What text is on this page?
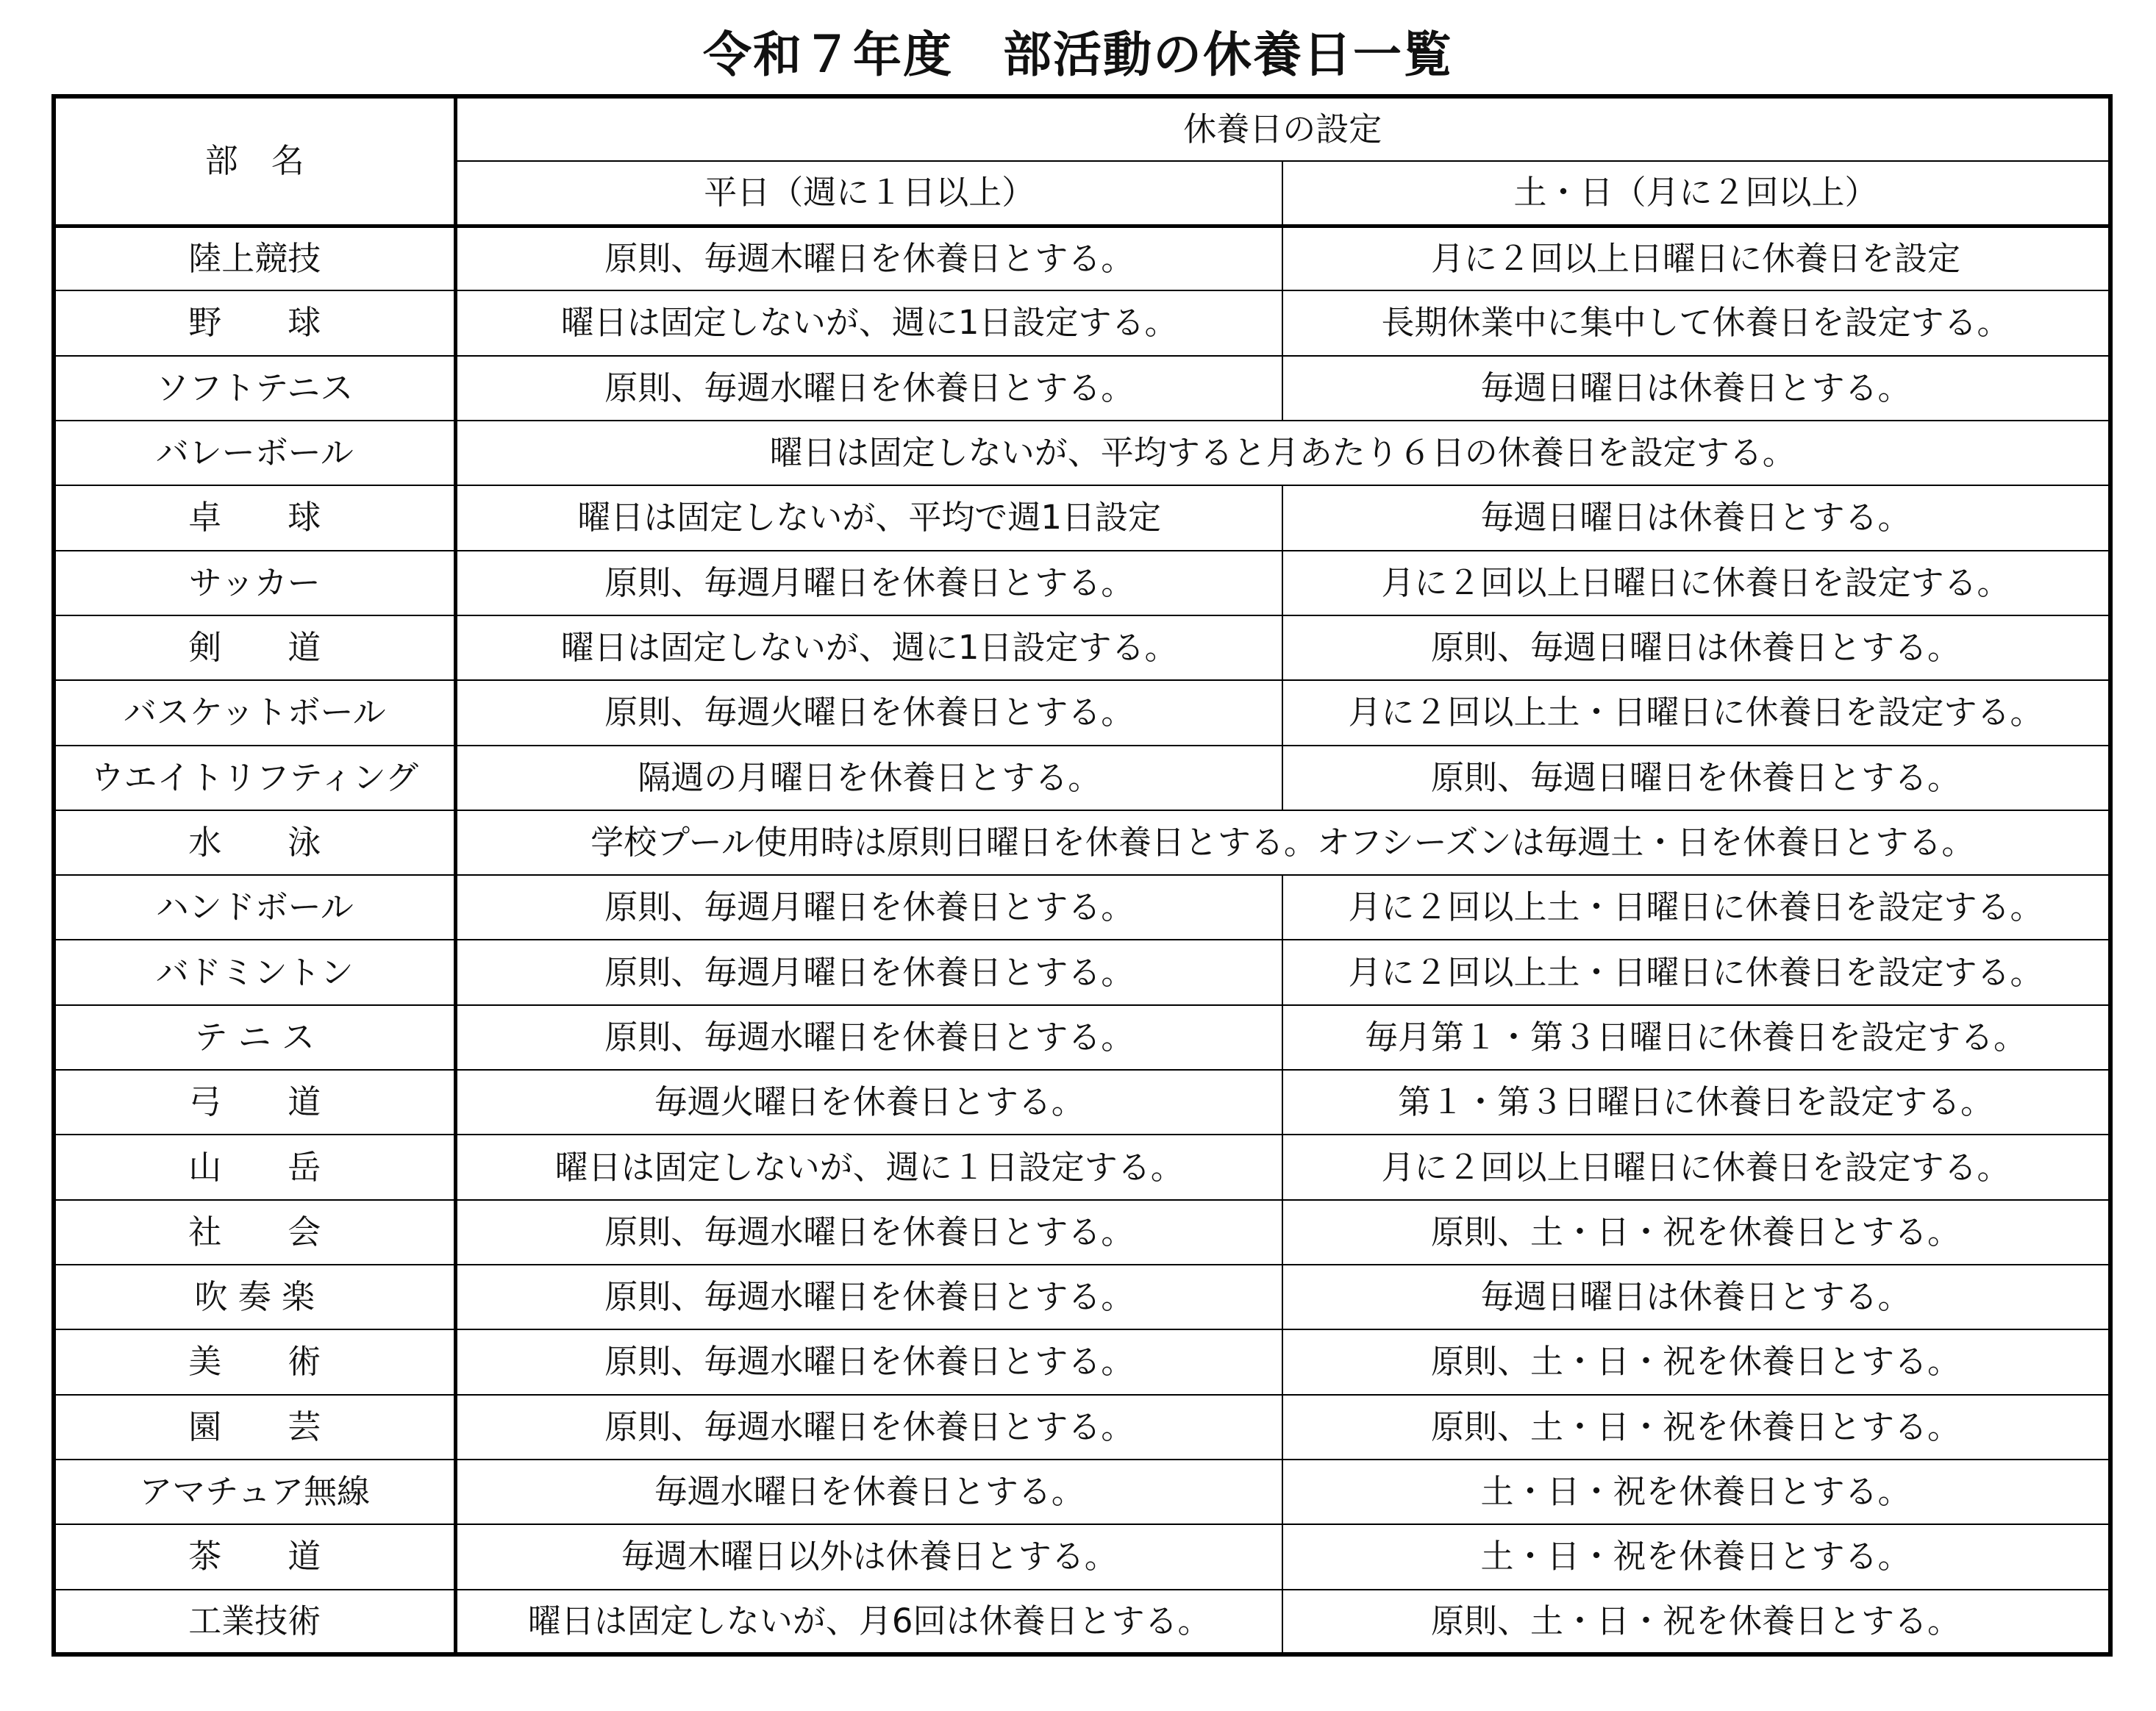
令和７年度　部活動の休養日一覧
部　名	休養日の設定	
	平日（週に１日以上）	土・日（月に２回以上）
陸上競技	原則、毎週木曜日を休養日とする。	月に２回以上日曜日に休養日を設定
野　　球	曜日は固定しないが、週に1日設定する。	長期休業中に集中して休養日を設定する。
ソフトテニス	原則、毎週水曜日を休養日とする。	毎週日曜日は休養日とする。
バレーボール	曜日は固定しないが、平均すると月あたり６日の休養日を設定する。	
卓　　球	曜日は固定しないが、平均で週1日設定	毎週日曜日は休養日とする。
サッカー	原則、毎週月曜日を休養日とする。	月に２回以上日曜日に休養日を設定する。
剣　　道	曜日は固定しないが、週に1日設定する。	原則、毎週日曜日は休養日とする。
バスケットボール	原則、毎週火曜日を休養日とする。	月に２回以上土・日曜日に休養日を設定する。
ウエイトリフティング	隔週の月曜日を休養日とする。	原則、毎週日曜日を休養日とする。
水　　泳	学校プール使用時は原則日曜日を休養日とする。オフシーズンは毎週土・日を休養日とする。	
ハンドボール	原則、毎週月曜日を休養日とする。	月に２回以上土・日曜日に休養日を設定する。
バドミントン	原則、毎週月曜日を休養日とする。	月に２回以上土・日曜日に休養日を設定する。
テ ニ ス	原則、毎週水曜日を休養日とする。	毎月第１・第３日曜日に休養日を設定する。
弓　　道	毎週火曜日を休養日とする。	第１・第３日曜日に休養日を設定する。
山　　岳	曜日は固定しないが、週に１日設定する。	月に２回以上日曜日に休養日を設定する。
社　　会	原則、毎週水曜日を休養日とする。	原則、土・日・祝を休養日とする。
吹 奏 楽	原則、毎週水曜日を休養日とする。	毎週日曜日は休養日とする。
美　　術	原則、毎週水曜日を休養日とする。	原則、土・日・祝を休養日とする。
園　　芸	原則、毎週水曜日を休養日とする。	原則、土・日・祝を休養日とする。
アマチュア無線	毎週水曜日を休養日とする。	土・日・祝を休養日とする。
茶　　道	毎週木曜日以外は休養日とする。	土・日・祝を休養日とする。
工業技術	曜日は固定しないが、月6回は休養日とする。	原則、土・日・祝を休養日とする。
